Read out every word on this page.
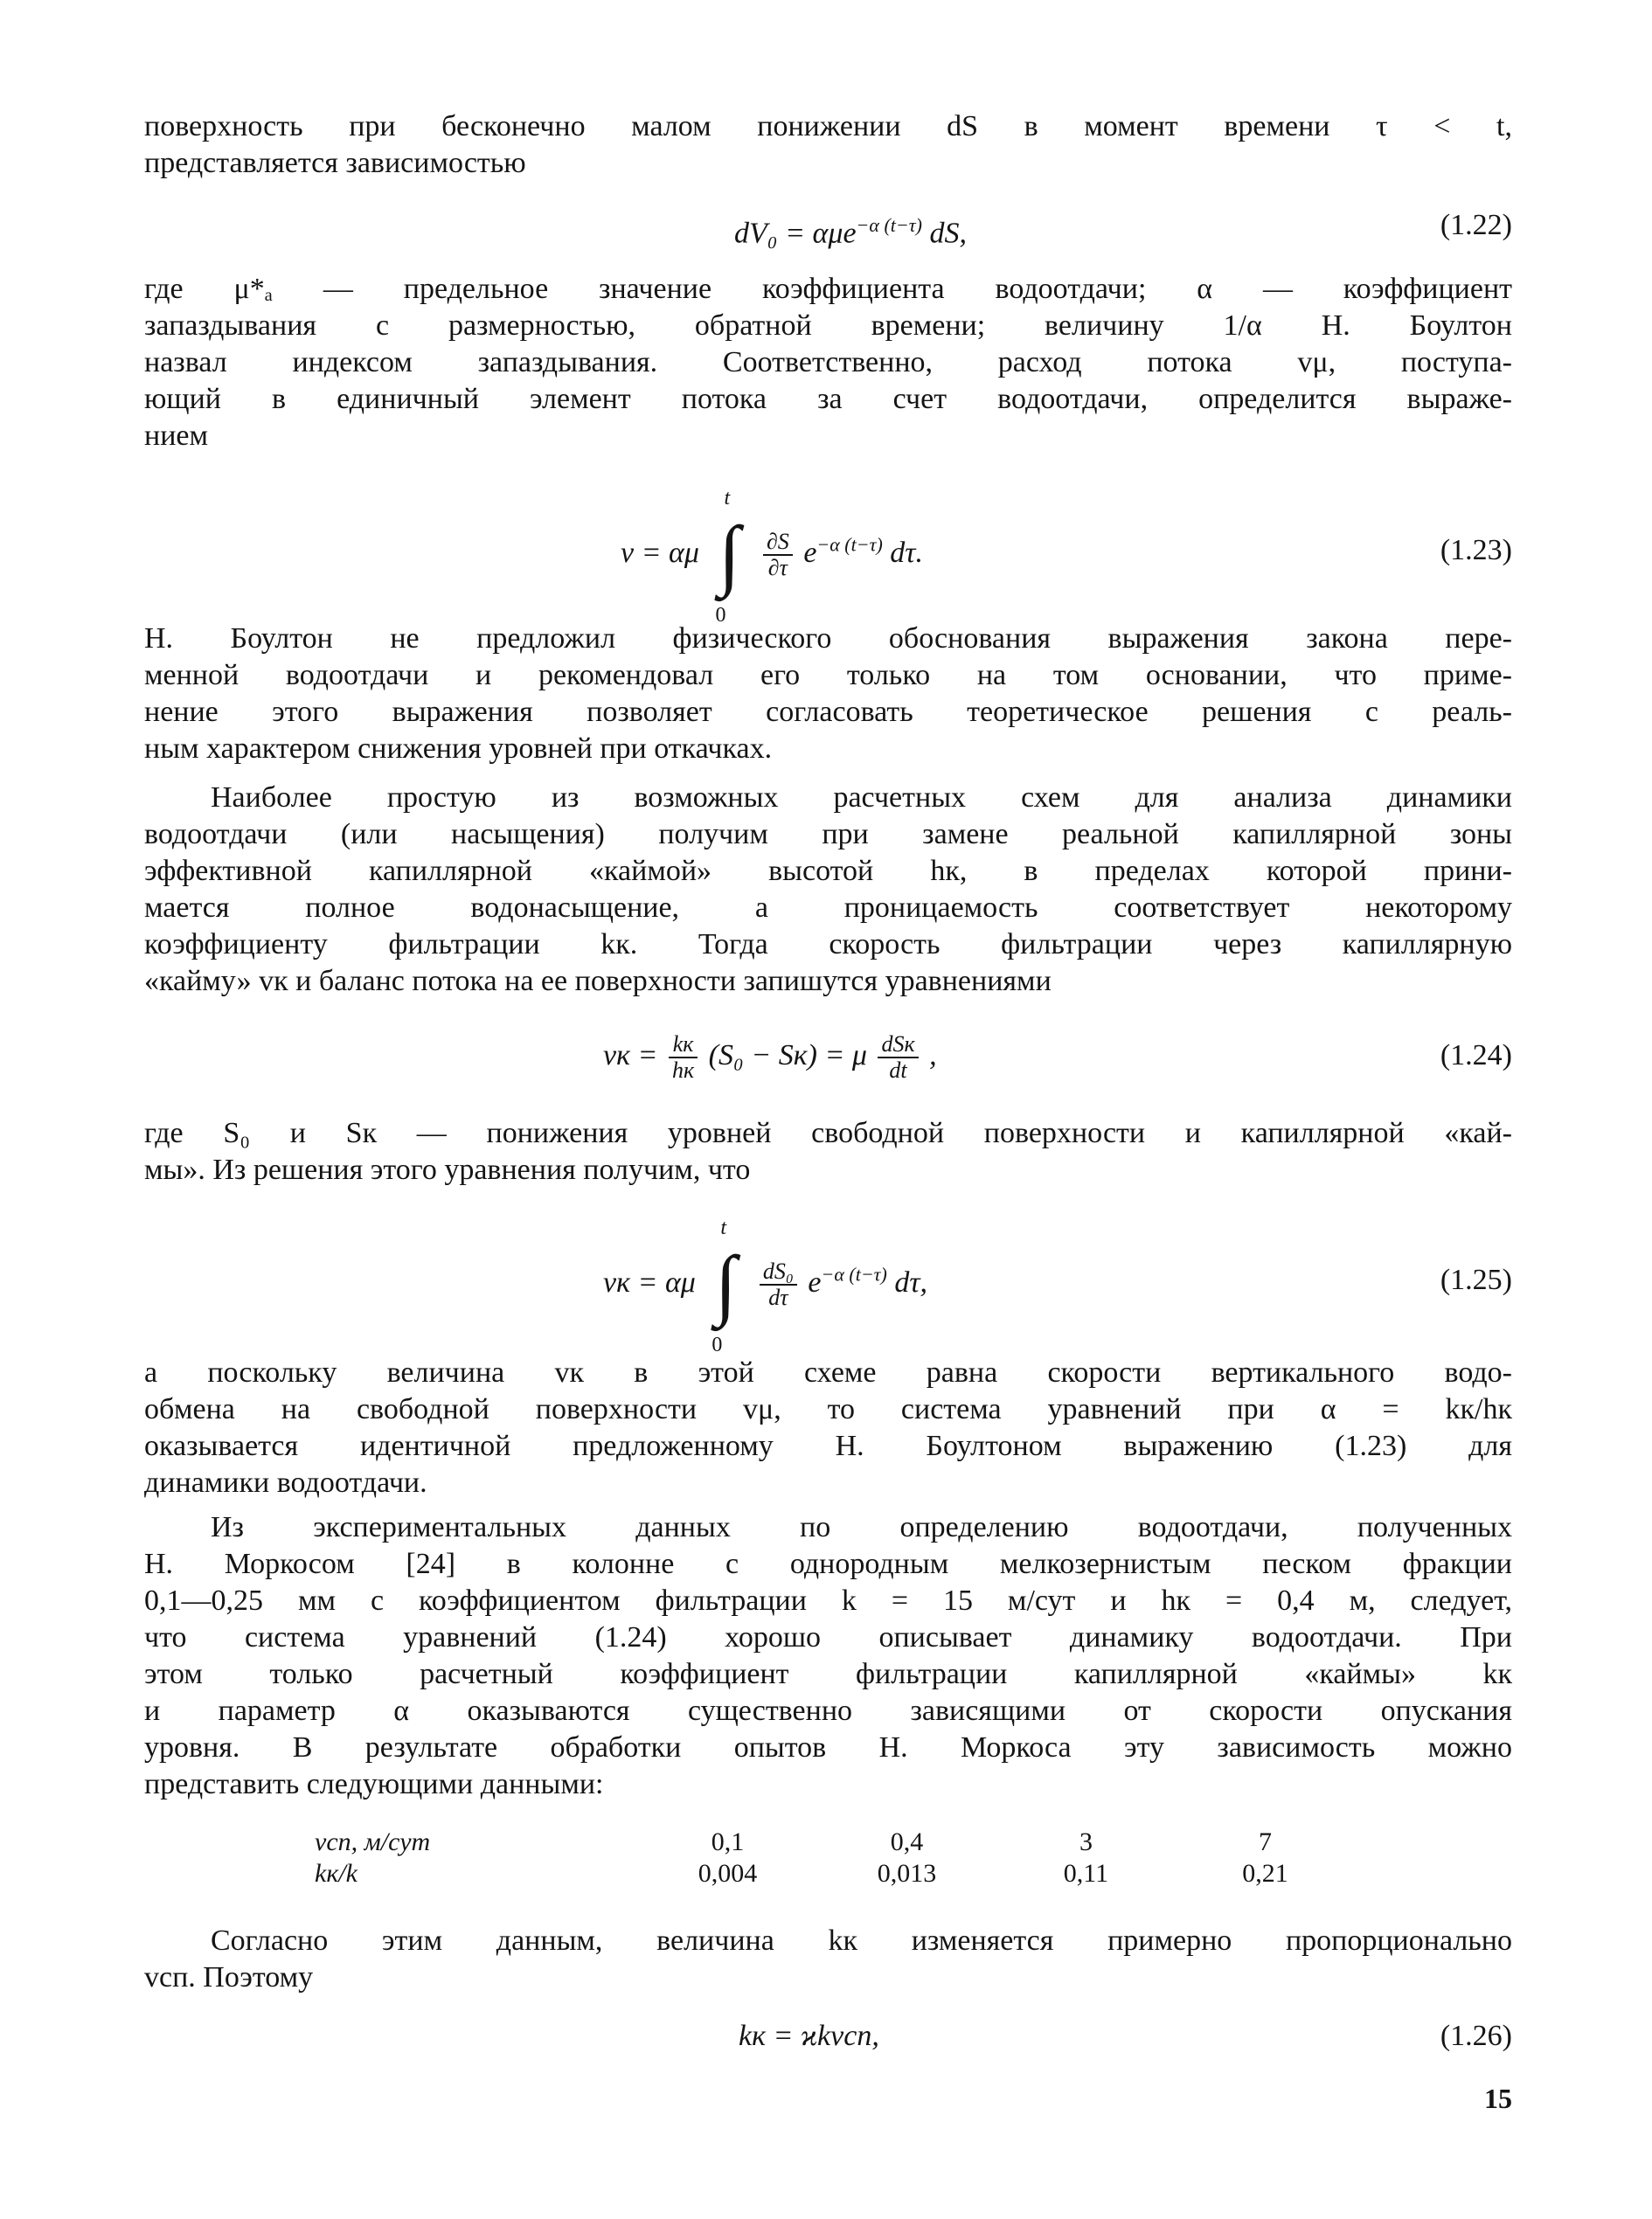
поверхность при бесконечно малом понижении dS в момент времени τ < t,
представляется зависимостью
dV₀ = αμe$^{-\alpha (t-\tau)}$ dS,	(1.22)
где μ*ₐ — предельное значение коэффициента водоотдачи; α — коэффициент
запаздывания с размерностью, обратной времени; величину 1/α Н. Боултон
назвал индексом запаздывания. Соответственно, расход потока vμ, поступа-
ющий в единичный элемент потока за счет водоотдачи, определится выраже-
нием
v = αμ
t
∫
0

$\frac{\partial S}{\partial\tau} e^{-\alpha (t-\tau)}$ dτ.	(1.23)
Н. Боултон не предложил физического обоснования выражения закона пере-
менной водоотдачи и рекомендовал его только на том основании, что приме-
нение этого выражения позволяет согласовать теоретическое решения с реаль-
ным характером снижения уровней при откачках.
Наиболее простую из возможных расчетных схем для анализа динамики
водоотдачи (или насыщения) получим при замене реальной капиллярной зоны
эффективной капиллярной «каймой» высотой hк, в пределах которой прини-
мается полное водонасыщение, а проницаемость соответствует некоторому
коэффициенту фильтрации kк. Тогда скорость фильтрации через капиллярную
«кайму» vк и баланс потока на ее поверхности запишутся уравнениями
vк = $\frac{kк}{hк} (S_0 - Sк) = \mu \frac{\text{dSк}}{dt}$ ,	(1.24)
где S₀ и Sк — понижения уровней свободной поверхности и капиллярной «кай-
мы». Из решения этого уравнения получим, что
vк = αμ
t
∫
0

$\frac{\text{dS₀}}{d\tau} e^{-\alpha (t-\tau)}$ dτ,	(1.25)
а поскольку величина vк в этой схеме равна скорости вертикального водо-
обмена на свободной поверхности vμ, то система уравнений при α = kк/hк
оказывается идентичной предложенному Н. Боултоном выражению (1.23) для
динамики водоотдачи.
Из экспериментальных данных по определению водоотдачи, полученных
Н. Моркосом [24] в колонне с однородным мелкозернистым песком фракции
0,1—0,25 мм с коэффициентом фильтрации k = 15 м/сут и hк = 0,4 м, следует,
что система уравнений (1.24) хорошо описывает динамику водоотдачи. При
этом только расчетный коэффициент фильтрации капиллярной «каймы» kк
и параметр α оказываются существенно зависящими от скорости опускания
уровня. В результате обработки опытов Н. Моркоса эту зависимость можно
представить следующими данными:
vсп, м/сут	0,1	0,4	3	7
kк/k	0,004	0,013	0,11	0,21
Согласно этим данным, величина kк изменяется примерно пропорционально
vсп. Поэтому
kк = ϰkvсп,	(1.26)
15
